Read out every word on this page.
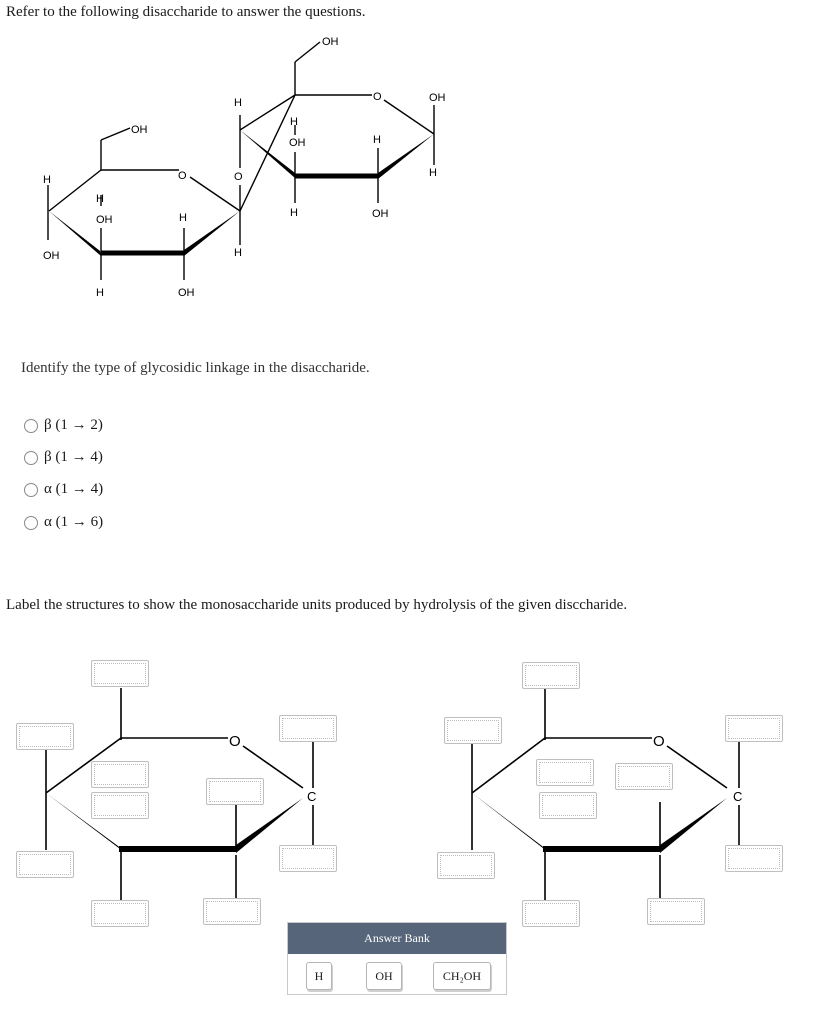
Refer to the following disaccharide to answer the questions.
OH
O
H
OH
H
OH
H
H
OH
H
O
H
OH
O	OH
H
H
OH
H
H
OH
Identify the type of glycosidic linkage in the disaccharide.
β (1 → 2)
β (1 → 4)
α (1 → 4)
α (1 → 6)
Label the structures to show the monosaccharide units produced by hydrolysis of the given disccharide.
O
C
O
C
Answer Bank
H	OH	CH₂OH
